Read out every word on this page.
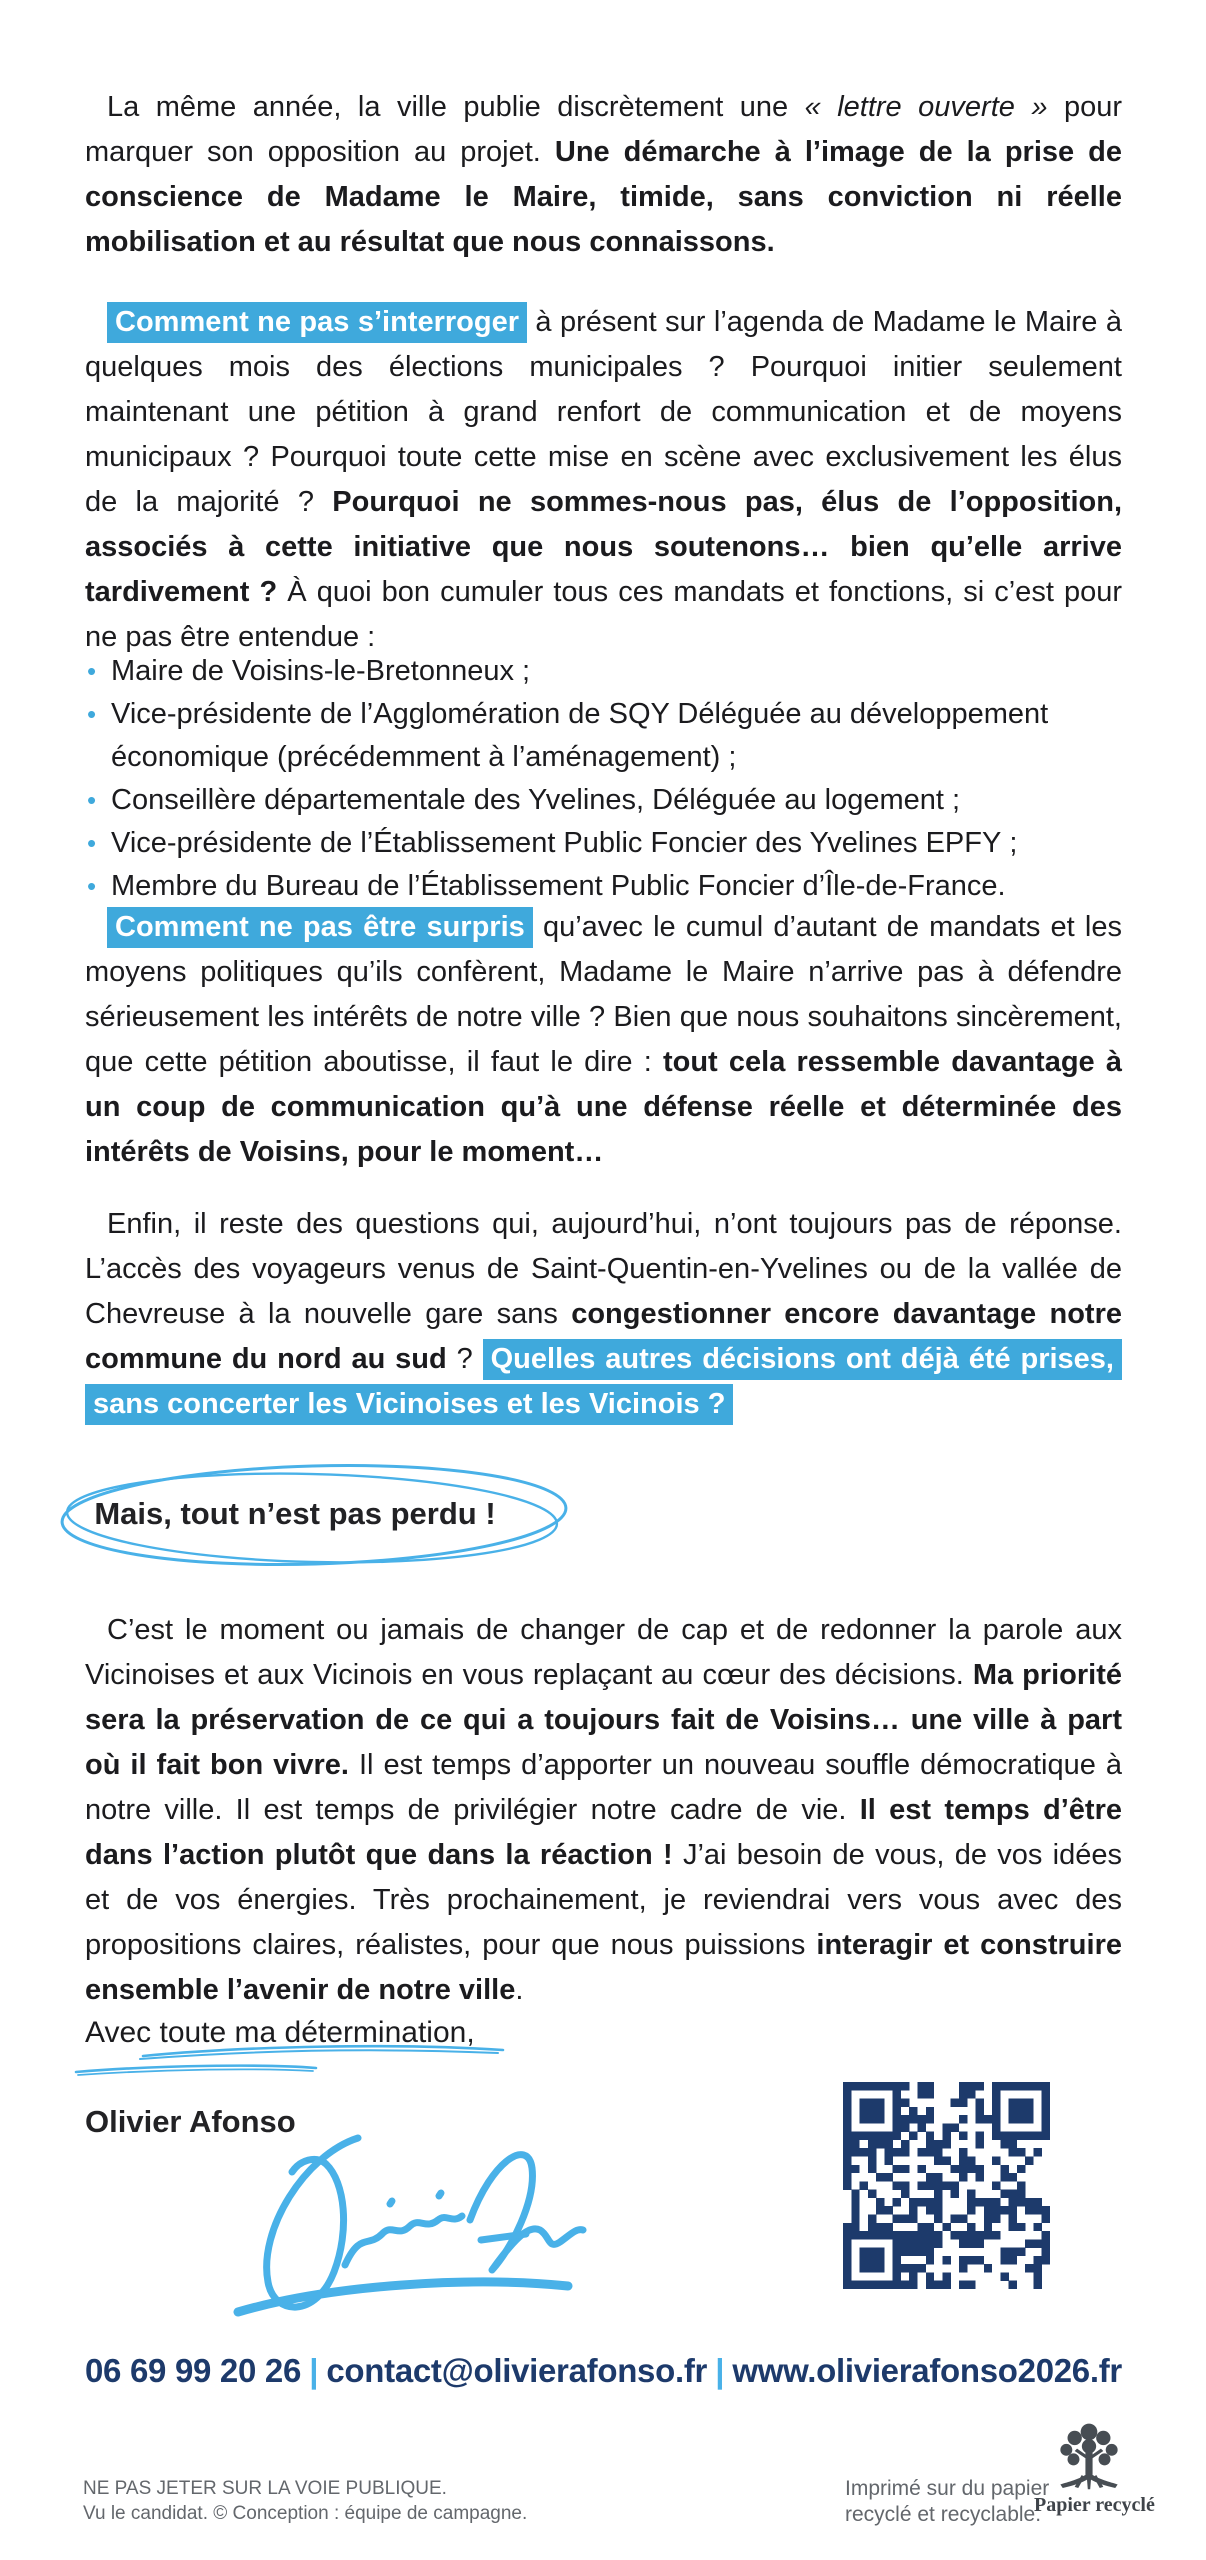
La même année, la ville publie discrètement une « lettre ouverte » pour marquer son opposition au projet. Une démarche à l’image de la prise de conscience de Madame le Maire, timide, sans conviction ni réelle mobilisation et au résultat que nous connaissons.

Comment ne pas s’interroger à présent sur l’agenda de Madame le Maire à quelques mois des élections municipales ? Pourquoi initier seulement maintenant une pétition à grand renfort de communication et de moyens municipaux ? Pourquoi toute cette mise en scène avec exclusivement les élus de la majorité ? Pourquoi ne sommes-nous pas, élus de l’opposition, associés à cette initiative que nous soutenons… bien qu’elle arrive tardivement ? À quoi bon cumuler tous ces mandats et fonctions, si c’est pour ne pas être entendue :

• Maire de Voisins-le-Bretonneux ;
• Vice-présidente de l’Agglomération de SQY Déléguée au développement économique (précédemment à l’aménagement) ;
• Conseillère départementale des Yvelines, Déléguée au logement ;
• Vice-présidente de l’Établissement Public Foncier des Yvelines EPFY ;
• Membre du Bureau de l’Établissement Public Foncier d’Île-de-France.

Comment ne pas être surpris qu’avec le cumul d’autant de mandats et les moyens politiques qu’ils confèrent, Madame le Maire n’arrive pas à défendre sérieusement les intérêts de notre ville ? Bien que nous souhaitons sincèrement, que cette pétition aboutisse, il faut le dire : tout cela ressemble davantage à un coup de communication qu’à une défense réelle et déterminée des intérêts de Voisins, pour le moment…

Enfin, il reste des questions qui, aujourd’hui, n’ont toujours pas de réponse. L’accès des voyageurs venus de Saint-Quentin-en-Yvelines ou de la vallée de Chevreuse à la nouvelle gare sans congestionner encore davantage notre commune du nord au sud ? Quelles autres décisions ont déjà été prises, sans concerter les Vicinoises et les Vicinois ?

Mais, tout n’est pas perdu !

C’est le moment ou jamais de changer de cap et de redonner la parole aux Vicinoises et aux Vicinois en vous replaçant au cœur des décisions. Ma priorité sera la préservation de ce qui a toujours fait de Voisins… une ville à part où il fait bon vivre. Il est temps d’apporter un nouveau souffle démocratique à notre ville. Il est temps de privilégier notre cadre de vie. Il est temps d’être dans l’action plutôt que dans la réaction ! J’ai besoin de vous, de vos idées et de vos énergies. Très prochainement, je reviendrai vers vous avec des propositions claires, réalistes, pour que nous puissions interagir et construire ensemble l’avenir de notre ville.

Avec toute ma détermination,

Olivier Afonso

06 69 99 20 26 | contact@olivierafonso.fr | www.olivierafonso2026.fr
NE PAS JETER SUR LA VOIE PUBLIQUE.
Vu le candidat. © Conception : équipe de campagne.
Imprimé sur du papier
recyclé et recyclable.
Papier recyclé
